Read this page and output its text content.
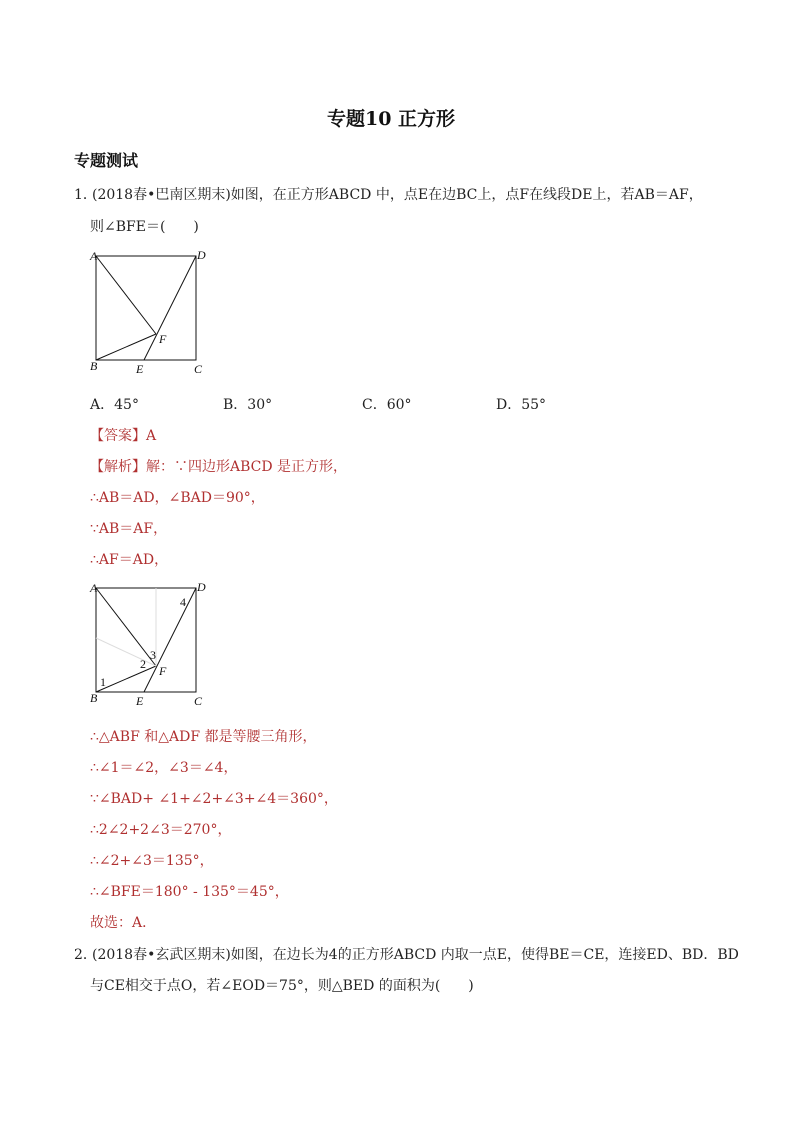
专题10 正方形
专题测试
1．
(2018春•巴南区期末)如图，在正方形ABCD 中，点E在边BC上，点F在线段DE上，若AB＝AF，
则∠BFE＝(　　)
A	D
B	E	C
F
A．45°	B．30°	C．60°	D．55°
【答案】A
【解析】解：∵四边形ABCD 是正方形，
∴AB＝AD，∠BAD＝90°，
∵AB＝AF，
∴AF＝AD，
A	D
B	E	C
F
1
2
3
4
∴△ABF 和△ADF 都是等腰三角形，
∴∠1＝∠2，∠3＝∠4，
∵∠BAD+ ∠1+∠2+∠3+∠4＝360°，
∴2∠2+2∠3＝270°，
∴∠2+∠3＝135°，
∴∠BFE＝180° - 135°＝45°，
故选：A．
2．
(2018春•玄武区期末)如图，在边长为4的正方形ABCD 内取一点E，使得BE＝CE，连接ED、BD．BD
与CE相交于点O，若∠EOD＝75°，则△BED 的面积为(　　)
